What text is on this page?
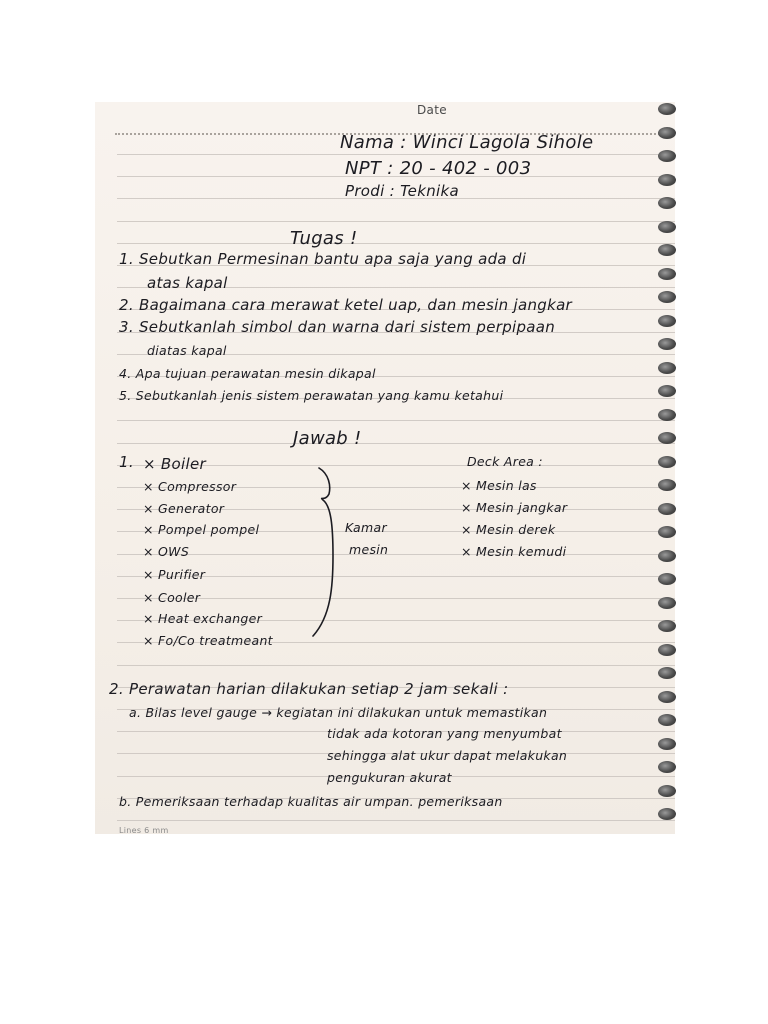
Date
Nama : Winci Lagola Sihole
NPT : 20 - 402 - 003
Prodi : Teknika
Tugas !
1. Sebutkan Permesinan bantu apa saja yang ada di
atas kapal
2. Bagaimana cara merawat ketel uap, dan mesin jangkar
3. Sebutkanlah simbol dan warna dari sistem perpipaan
diatas kapal
4. Apa tujuan perawatan mesin dikapal
5. Sebutkanlah jenis sistem perawatan yang kamu ketahui
Jawab !
1. × Boiler
× Compressor
× Generator
× Pompel pompel
× OWS
× Purifier
× Cooler
× Heat exchanger
× Fo/Co treatmeant
Kamar
mesin
Deck Area :
× Mesin las
× Mesin jangkar
× Mesin derek
× Mesin kemudi
2. Perawatan harian dilakukan setiap 2 jam sekali :
a. Bilas level gauge → kegiatan ini dilakukan untuk memastikan
tidak ada kotoran yang menyumbat
sehingga alat ukur dapat melakukan
pengukuran akurat
b. Pemeriksaan terhadap kualitas air umpan. pemeriksaan
Lines 6 mm
